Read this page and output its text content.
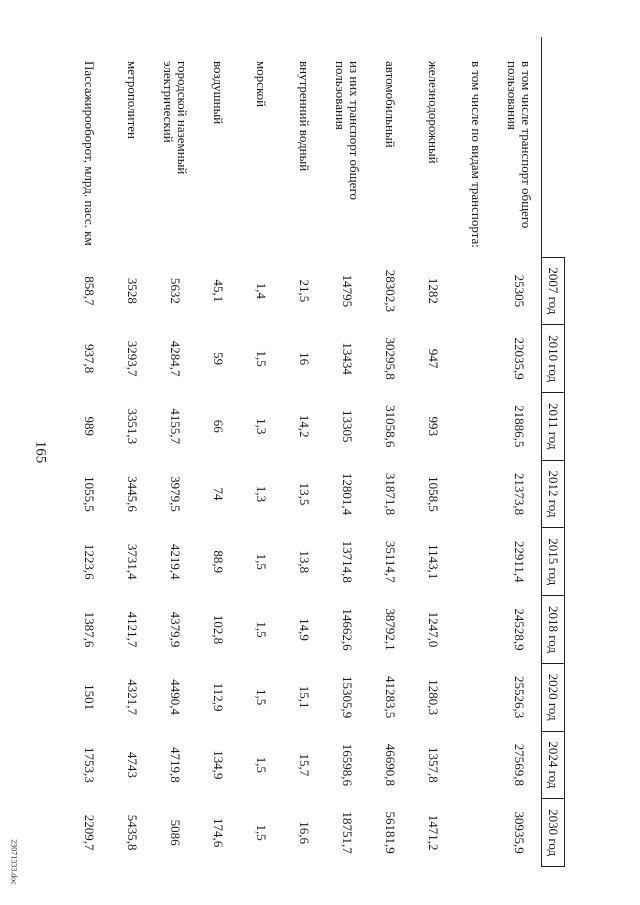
165
	2007 год	2010 год	2011 год	2012 год	2015 год	2018 год	2020 год	2024 год	2030 год
в том числе транспорт общего пользования	25305	22035,9	21886,5	21373,8	22911,4	24528,9	25526,3	27569,8	30935,9
в том числе по видам транспорта:									
железнодорожный	1282	947	993	1058,5	1143,1	1247,0	1280,3	1357,8	1471,2
автомобильный	28302,3	30295,8	31058,6	31871,8	35114,7	38792,1	41283,5	46690,8	56181,9
из них транспорт общего пользования	14795	13434	13305	12801,4	13714,8	14662,6	15305,9	16598,6	18751,7
внутренний водный	21,5	16	14,2	13,5	13,8	14,9	15,1	15,7	16,6
морской	1,4	1,5	1,3	1,3	1,5	1,5	1,5	1,5	1,5
воздушный	45,1	59	66	74	88,9	102,8	112,9	134,9	174,6
городской наземный электрический	5632	4284,7	4155,7	3979,5	4219,4	4379,9	4490,4	4719,8	5086
метрополитен	3528	3293,7	3351,3	3445,6	3731,4	4121,7	4321,7	4743	5435,8
Пассажирооборот, млрд. пасс. км	858,7	937,8	989	1055,5	1223,6	1387,6	1501	1753,3	2209,7
23071333.doc
